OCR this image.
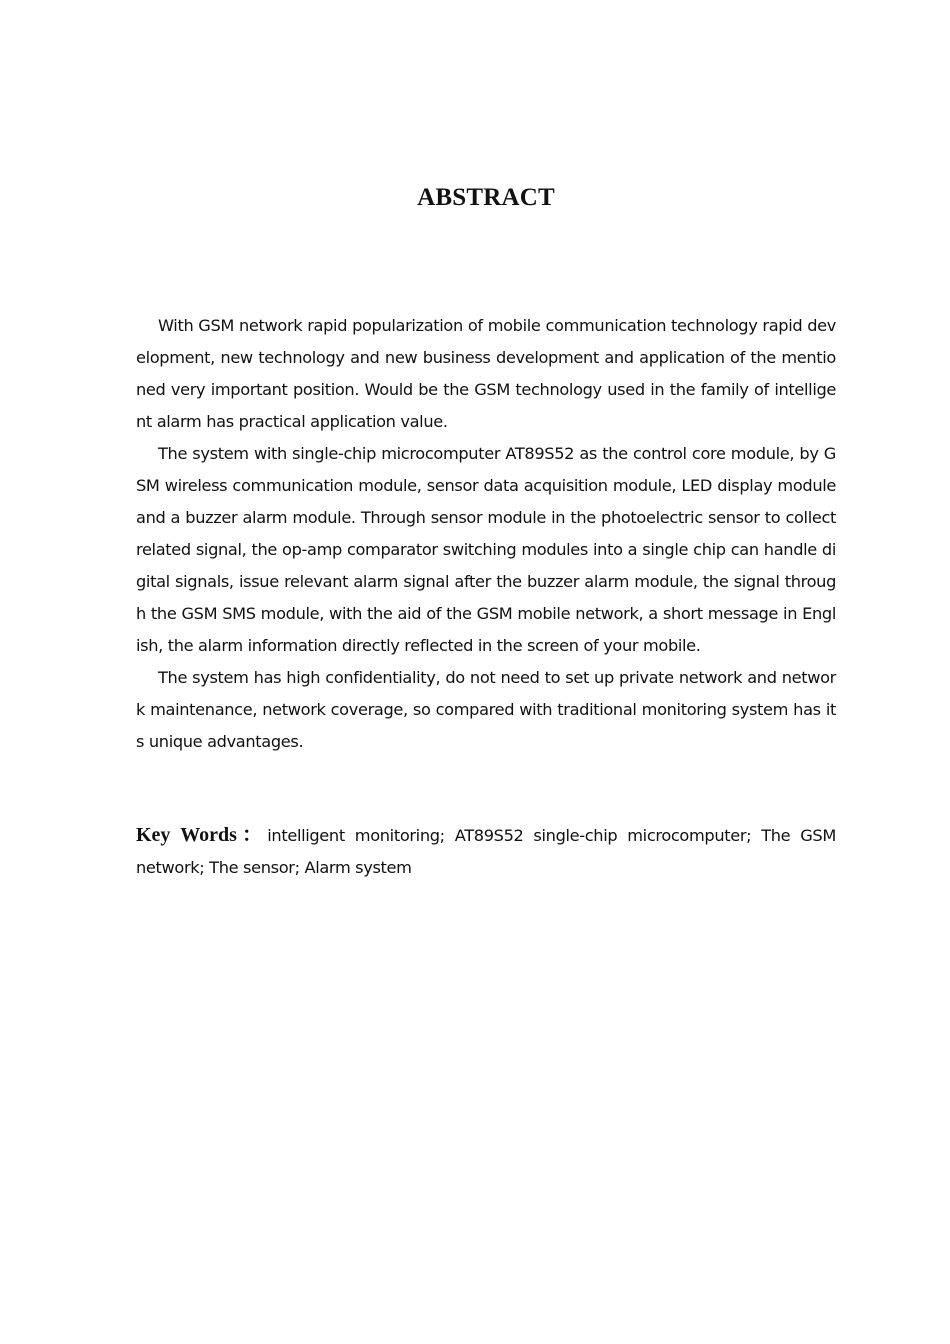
ABSTRACT

With GSM network rapid popularization of mobile communication technology rapid development, new technology and new business development and application of the mentioned very important position. Would be the GSM technology used in the family of intelligent alarm has practical application value.

The system with single-chip microcomputer AT89S52 as the control core module, by GSM wireless communication module, sensor data acquisition module, LED display module and a buzzer alarm module. Through sensor module in the photoelectric sensor to collect related signal, the op-amp comparator switching modules into a single chip can handle digital signals, issue relevant alarm signal after the buzzer alarm module, the signal through the GSM SMS module, with the aid of the GSM mobile network, a short message in English, the alarm information directly reflected in the screen of your mobile.

The system has high confidentiality, do not need to set up private network and network maintenance, network coverage, so compared with traditional monitoring system has its unique advantages.

Key Words：intelligent monitoring; AT89S52 single-chip microcomputer; The GSM network; The sensor; Alarm system
